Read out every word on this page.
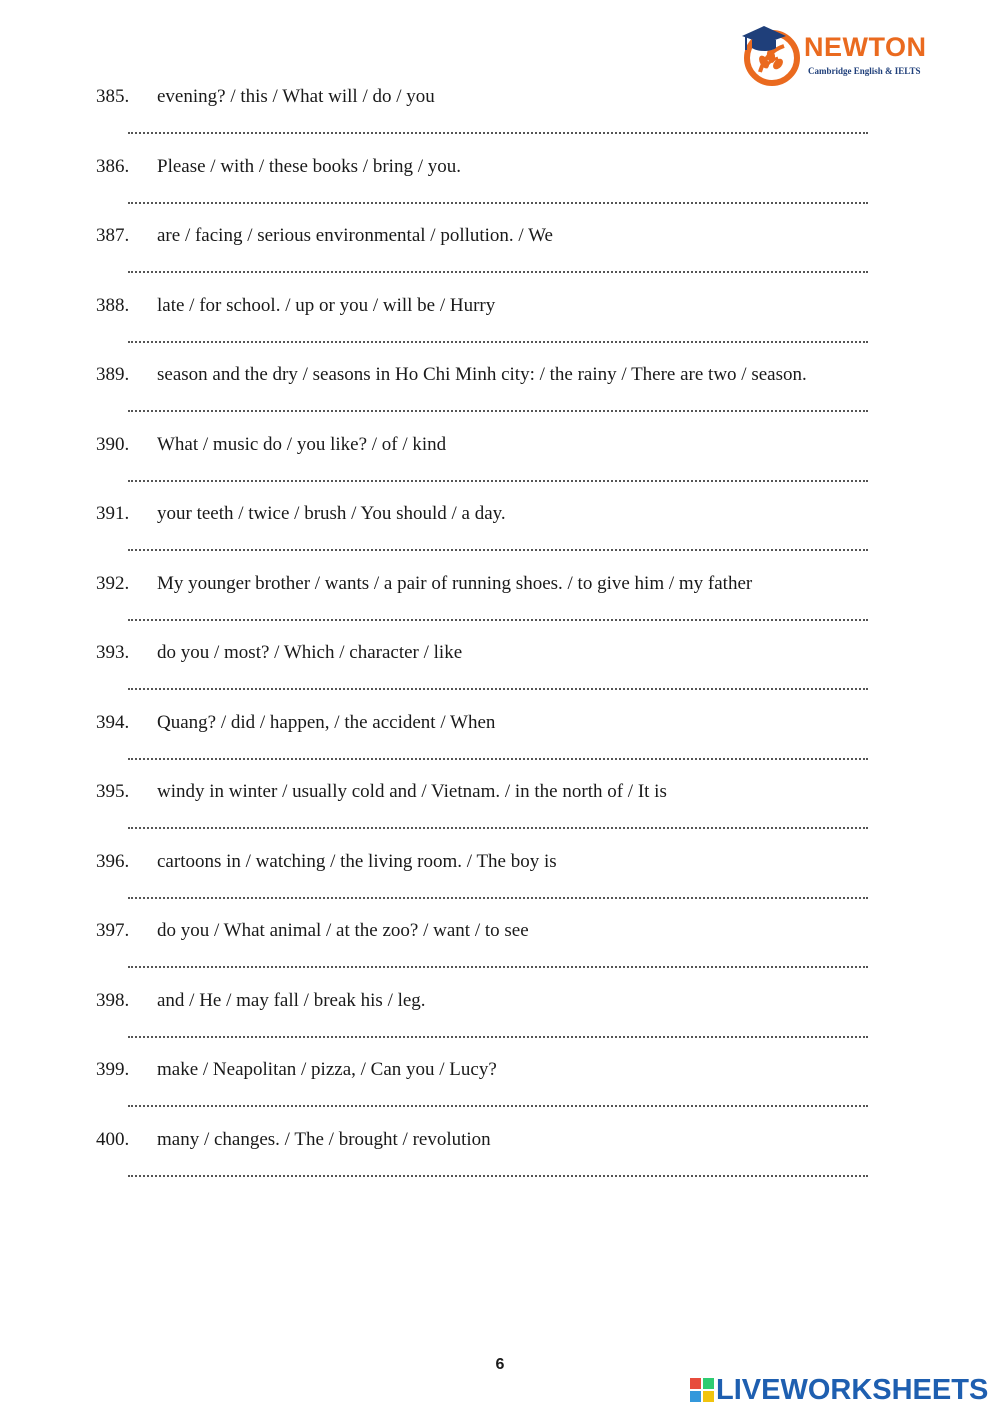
NEWTON
Cambridge English & IELTS
385. evening? / this / What will / do / you
386. Please / with / these books / bring / you.
387. are / facing / serious environmental / pollution. / We
388. late / for school. / up or you / will be / Hurry
389. season and the dry / seasons in Ho Chi Minh city: / the rainy / There are two / season.
390. What / music do / you like? / of / kind
391. your teeth / twice / brush / You should / a day.
392. My younger brother / wants / a pair of running shoes. / to give him / my father
393. do you / most? / Which / character / like
394. Quang? / did / happen, / the accident / When
395. windy in winter / usually cold and / Vietnam. / in the north of / It is
396. cartoons in / watching / the living room. / The boy is
397. do you / What animal / at the zoo? / want / to see
398. and / He / may fall / break his / leg.
399. make / Neapolitan / pizza, / Can you / Lucy?
400. many / changes. / The / brought / revolution
6
LIVEWORKSHEETS
